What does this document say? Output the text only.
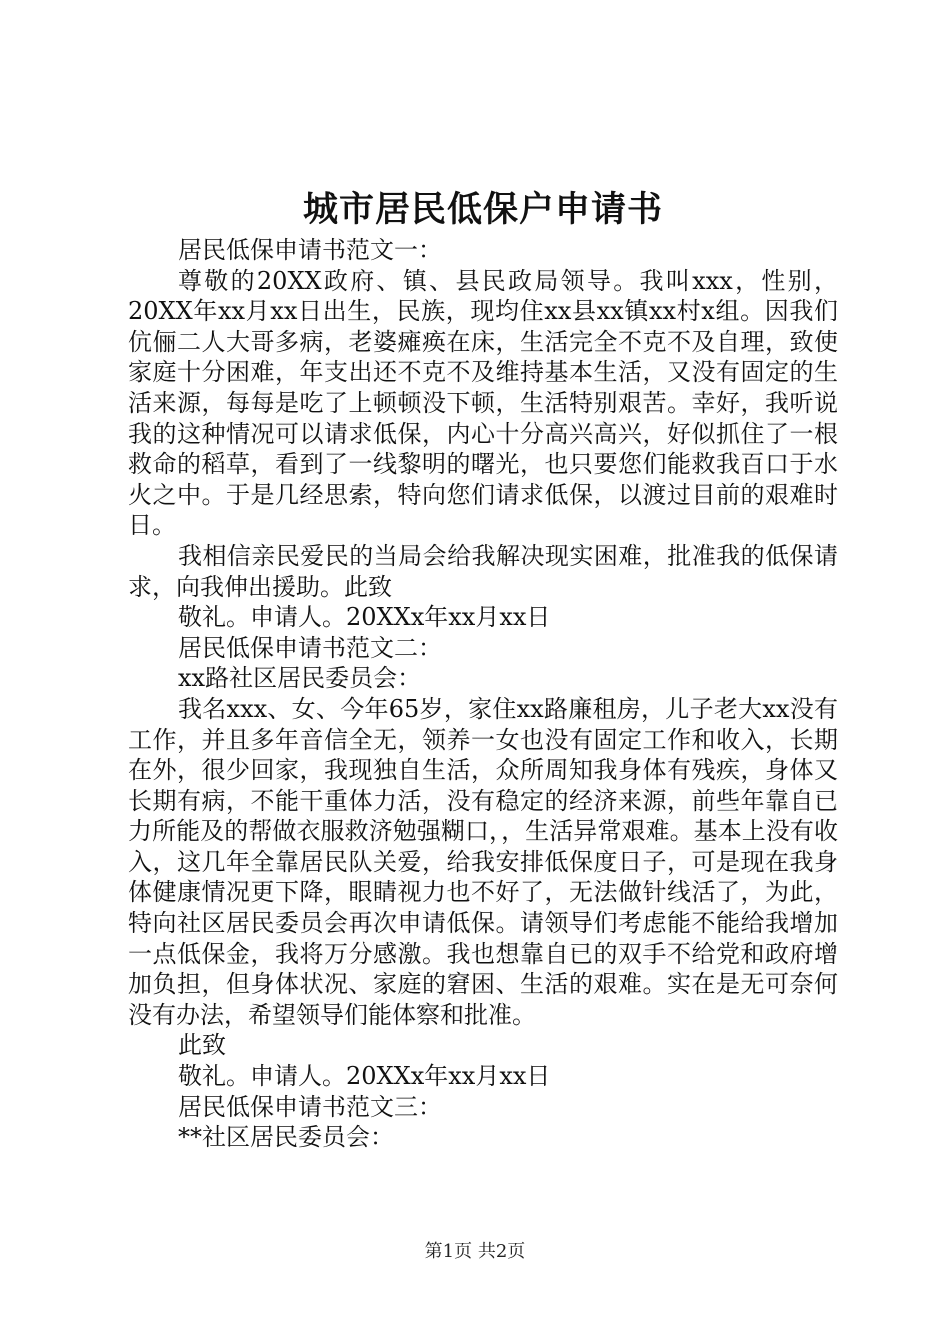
城市居民低保户申请书

居民低保申请书范文一：

尊敬的20XX政府、镇、县民政局领导。我叫xxx，性别，20XX年xx月xx日出生，民族，现均住xx县xx镇xx村x组。因我们伉俪二人大哥多病，老婆瘫痪在床，生活完全不克不及自理，致使家庭十分困难，年支出还不克不及维持基本生活，又没有固定的生活来源，每每是吃了上顿顿没下顿，生活特别艰苦。幸好，我听说我的这种情况可以请求低保，内心十分高兴高兴，好似抓住了一根救命的稻草，看到了一线黎明的曙光，也只要您们能救我百口于水火之中。于是几经思索，特向您们请求低保，以渡过目前的艰难时日。

我相信亲民爱民的当局会给我解决现实困难，批准我的低保请求，向我伸出援助。此致

敬礼。申请人。20XXx年xx月xx日

居民低保申请书范文二：

xx路社区居民委员会：

我名xxx、女、今年65岁，家住xx路廉租房，儿子老大xx没有工作，并且多年音信全无，领养一女也没有固定工作和收入，长期在外，很少回家，我现独自生活，众所周知我身体有残疾，身体又长期有病，不能干重体力活，没有稳定的经济来源，前些年靠自已力所能及的帮做衣服救济勉强糊口，，生活异常艰难。基本上没有收入，这几年全靠居民队关爱，给我安排低保度日子，可是现在我身体健康情况更下降，眼睛视力也不好了，无法做针线活了，为此，特向社区居民委员会再次申请低保。请领导们考虑能不能给我增加一点低保金，我将万分感激。我也想靠自已的双手不给党和政府增加负担，但身体状况、家庭的窘困、生活的艰难。实在是无可奈何没有办法，希望领导们能体察和批准。

此致

敬礼。申请人。20XXx年xx月xx日

居民低保申请书范文三：

**社区居民委员会：

第1页 共2页
